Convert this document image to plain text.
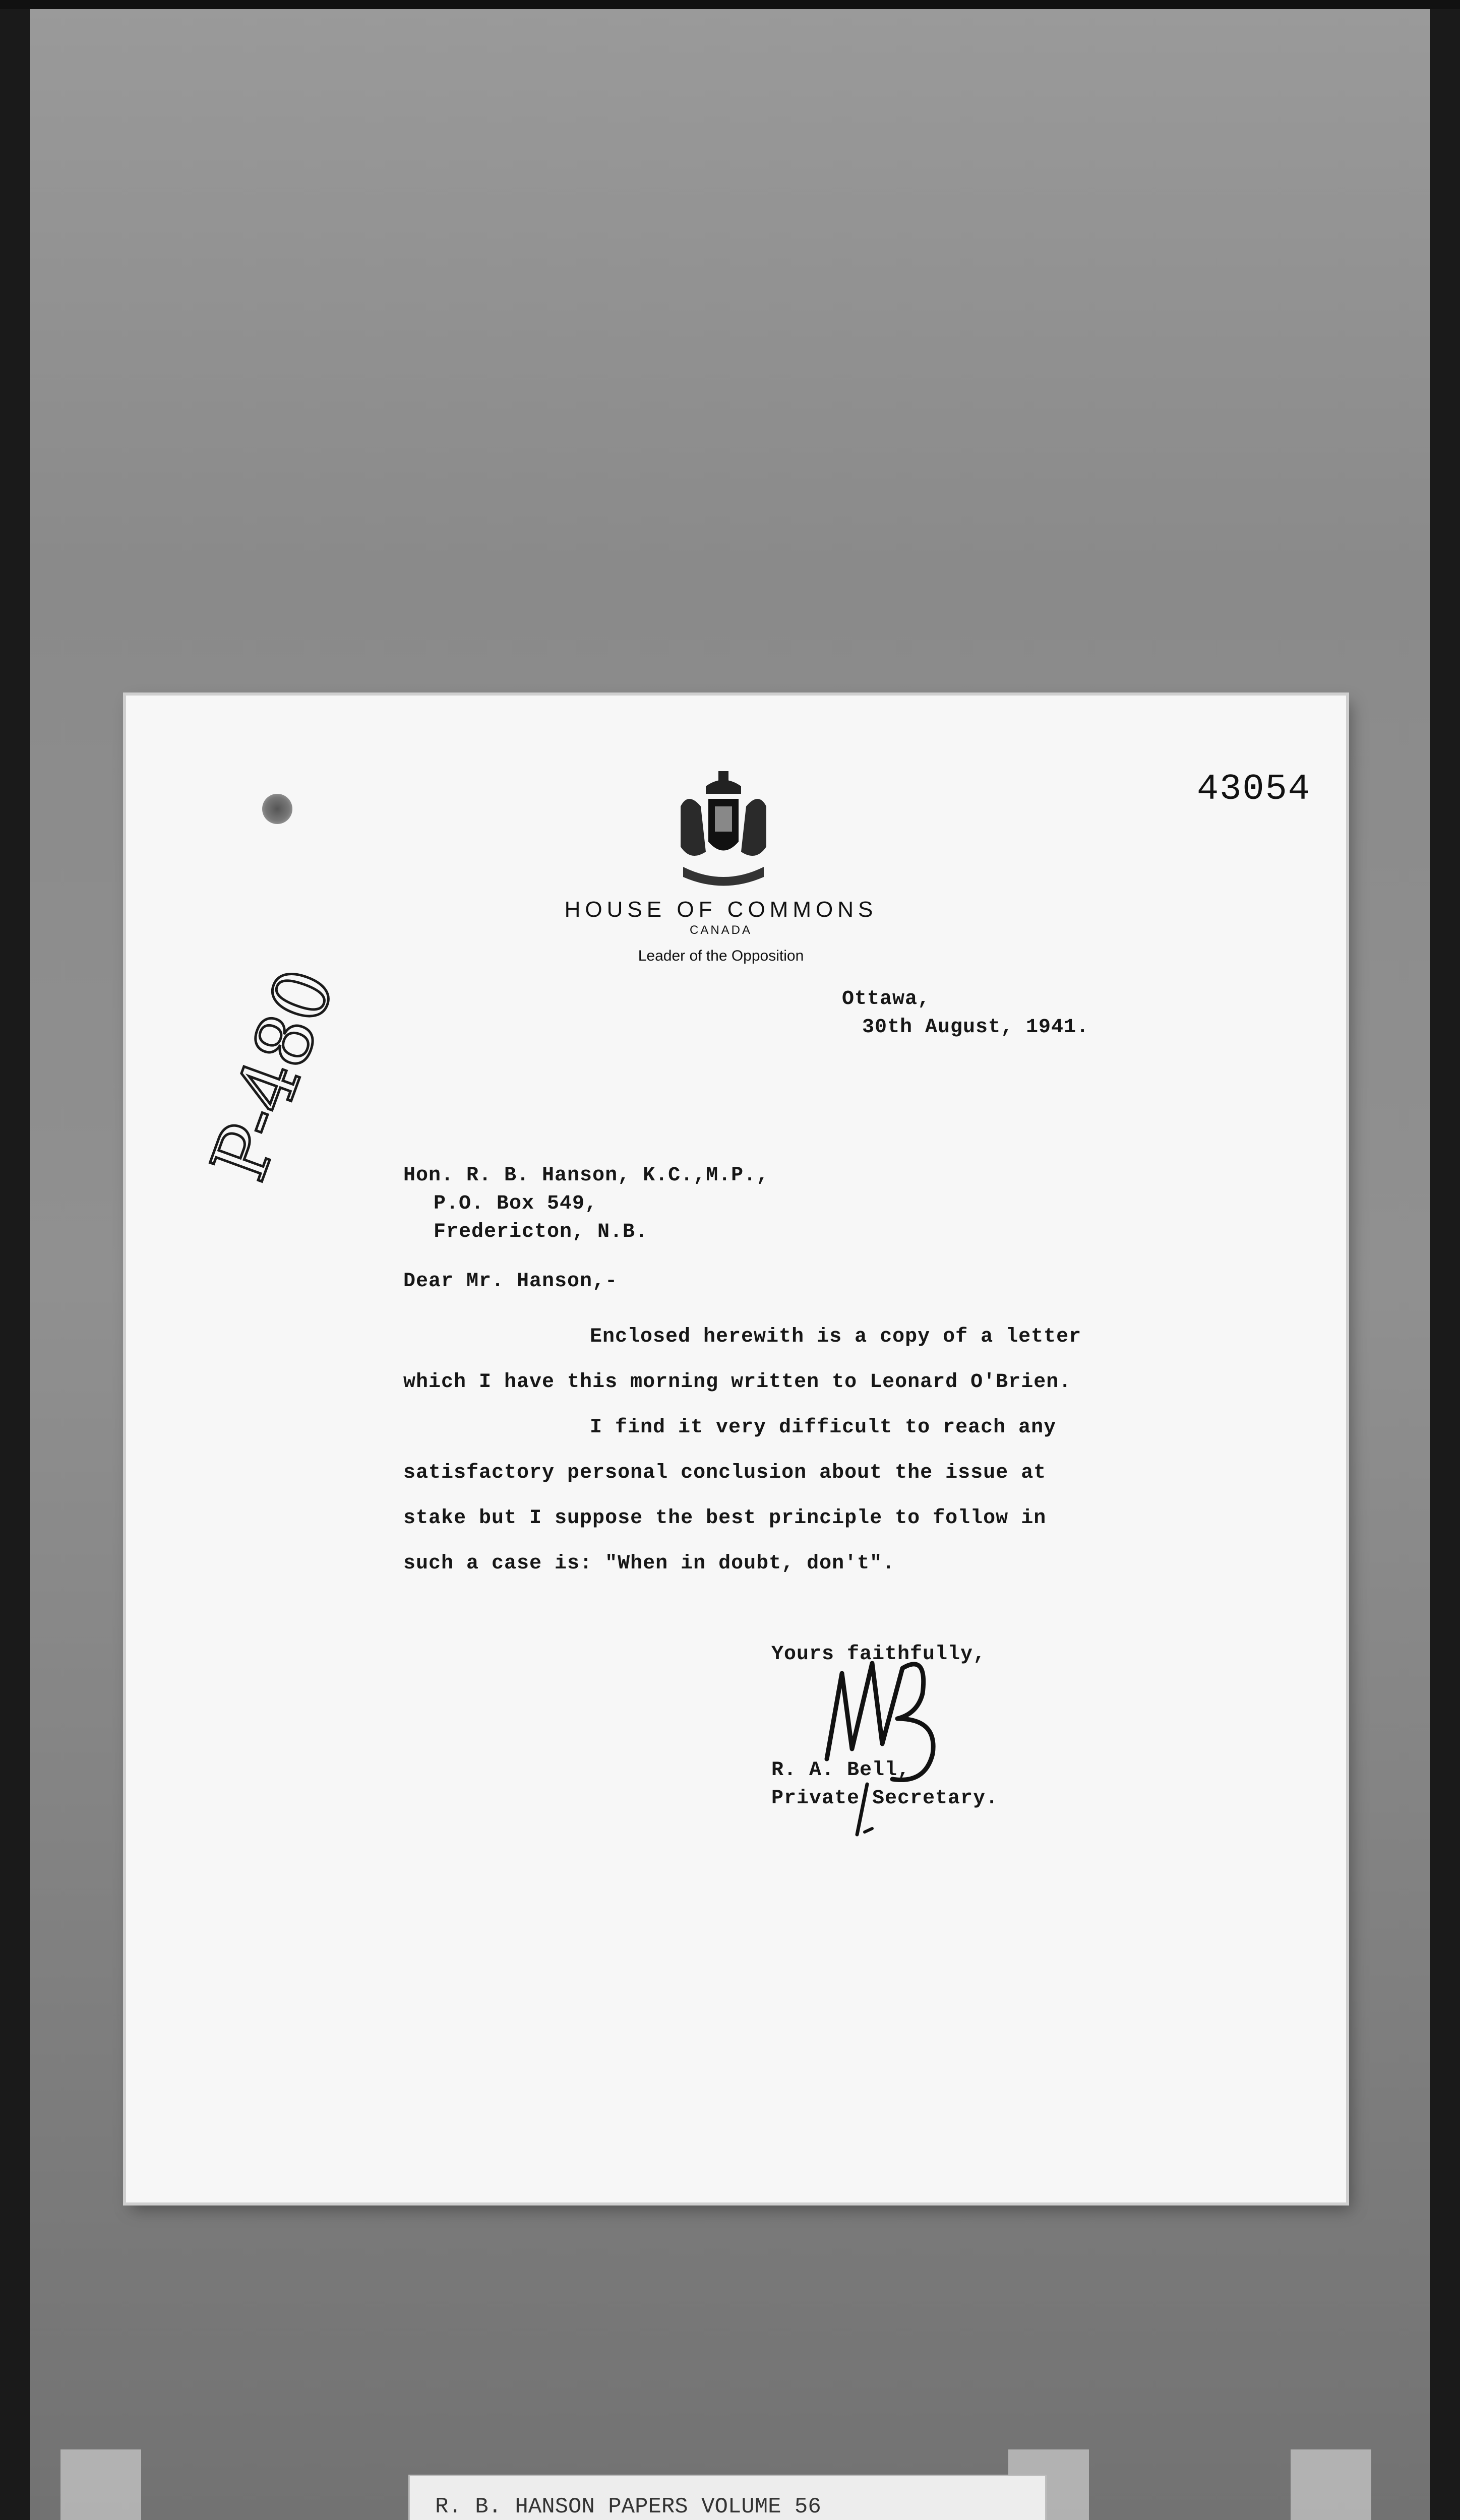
43054
HOUSE OF COMMONS
CANADA
Leader of the Opposition
P-480	Ottawa,
30th August, 1941.
Hon. R. B. Hanson, K.C.,M.P.,
P.O. Box 549,
Fredericton, N.B.
Dear Mr. Hanson,-
Enclosed herewith is a copy of a letter
which I have this morning written to Leonard O'Brien.
I find it very difficult to reach any
satisfactory personal conclusion about the issue at
stake but I suppose the best principle to follow in
such a case is: "When in doubt, don't".
Yours faithfully,
R. A. Bell,
Private Secretary.
R. B. HANSON PAPERS VOLUME 56
